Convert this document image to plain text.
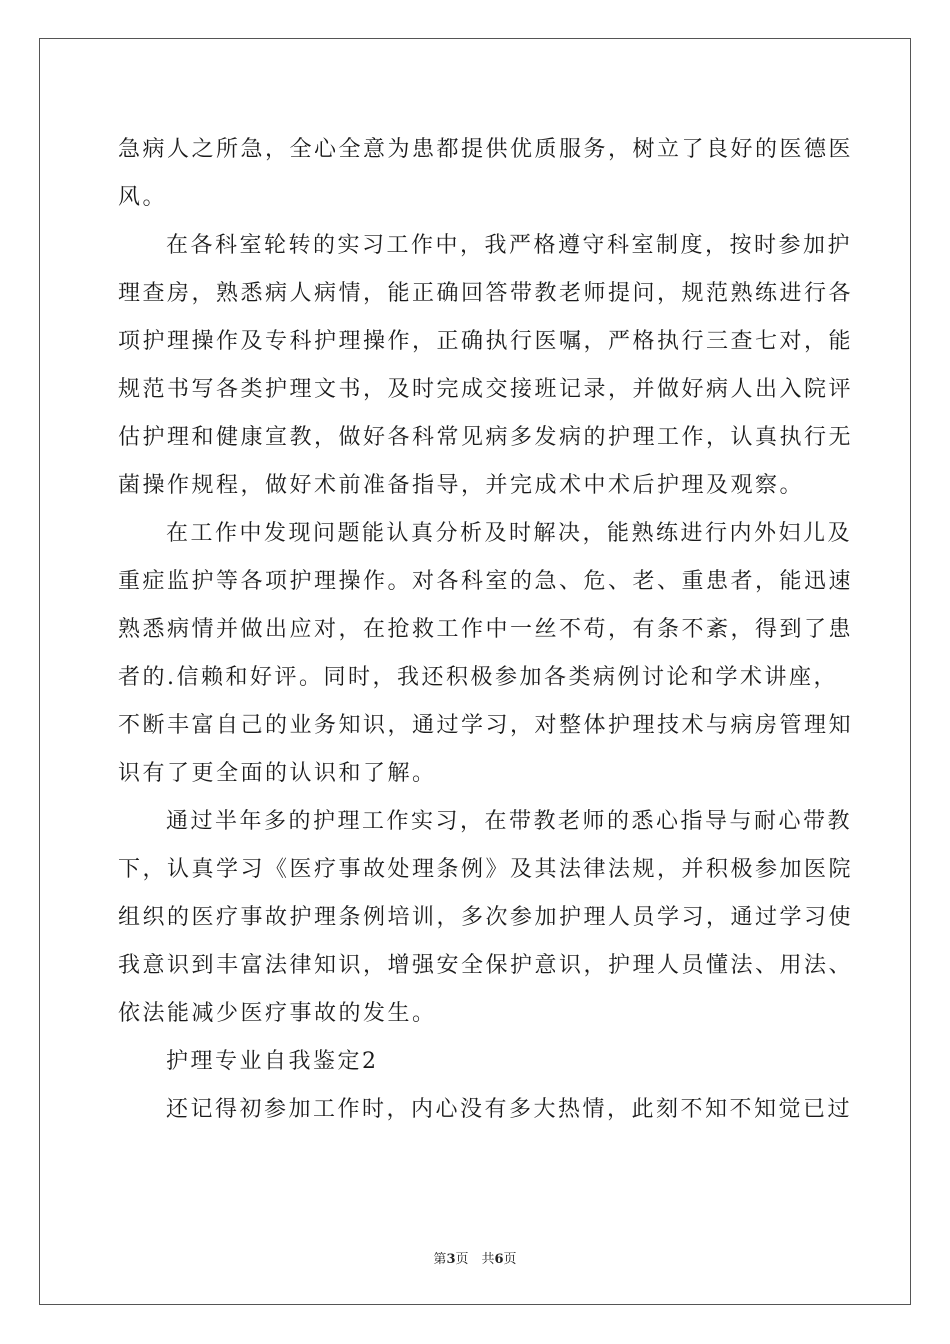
急病人之所急，全心全意为患都提供优质服务，树立了良好的医德医
风。
在各科室轮转的实习工作中，我严格遵守科室制度，按时参加护
理查房，熟悉病人病情，能正确回答带教老师提问，规范熟练进行各
项护理操作及专科护理操作，正确执行医嘱，严格执行三查七对，能
规范书写各类护理文书，及时完成交接班记录，并做好病人出入院评
估护理和健康宣教，做好各科常见病多发病的护理工作，认真执行无
菌操作规程，做好术前准备指导，并完成术中术后护理及观察。
在工作中发现问题能认真分析及时解决，能熟练进行内外妇儿及
重症监护等各项护理操作。对各科室的急、危、老、重患者，能迅速
熟悉病情并做出应对，在抢救工作中一丝不苟，有条不紊，得到了患
者的.信赖和好评。同时，我还积极参加各类病例讨论和学术讲座，
不断丰富自己的业务知识，通过学习，对整体护理技术与病房管理知
识有了更全面的认识和了解。
通过半年多的护理工作实习，在带教老师的悉心指导与耐心带教
下，认真学习《医疗事故处理条例》及其法律法规，并积极参加医院
组织的医疗事故护理条例培训，多次参加护理人员学习，通过学习使
我意识到丰富法律知识，增强安全保护意识，护理人员懂法、用法、
依法能减少医疗事故的发生。
护理专业自我鉴定2
还记得初参加工作时，内心没有多大热情，此刻不知不知觉已过
第3页　共6页
